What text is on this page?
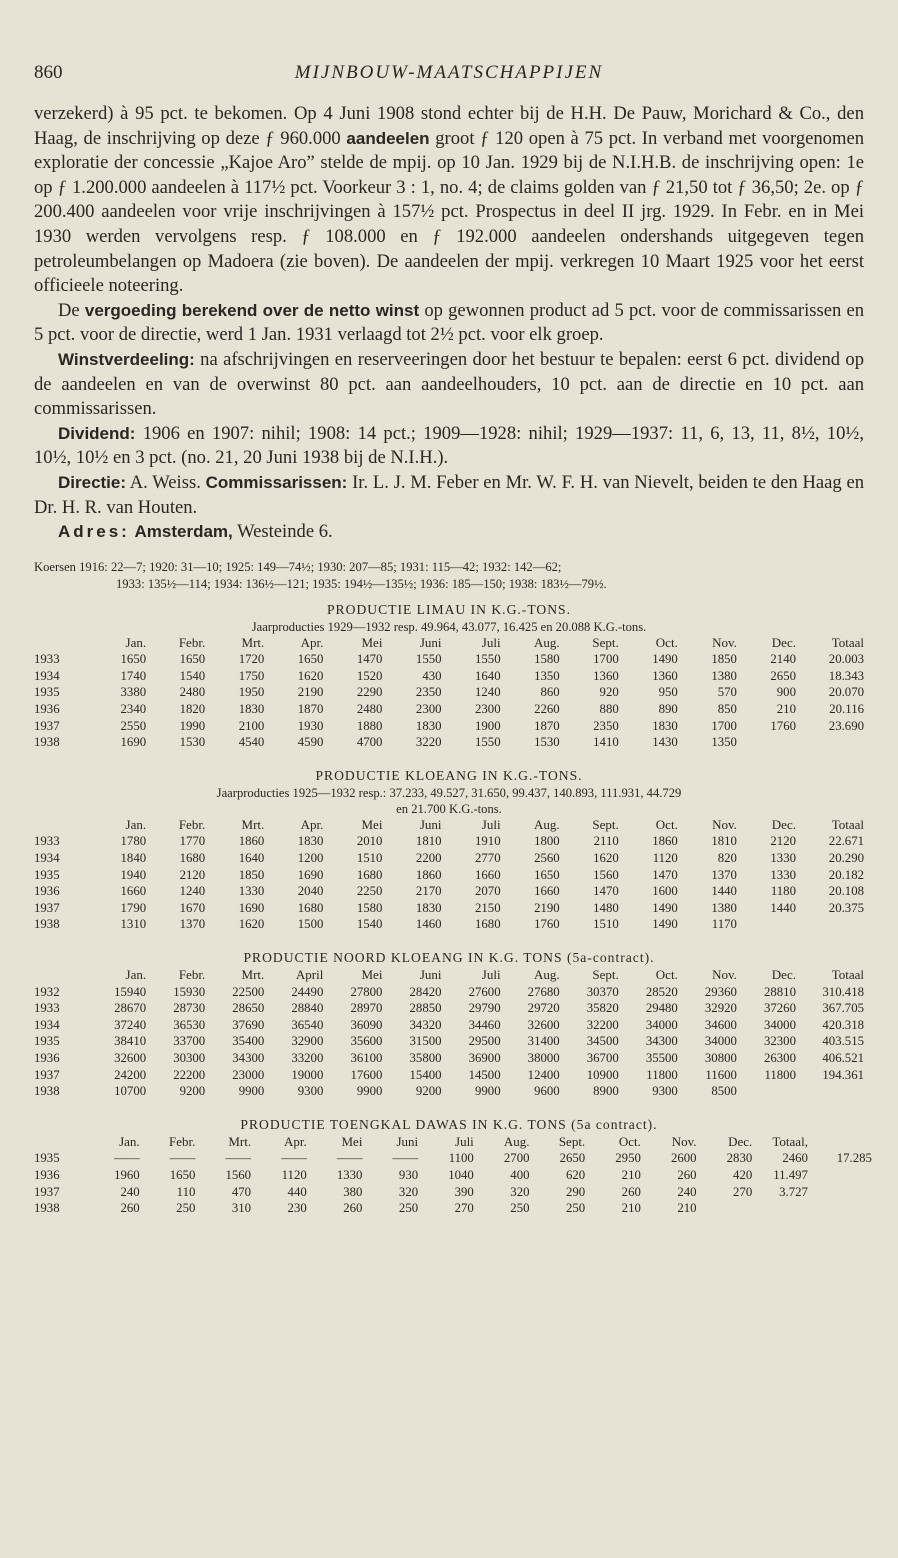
860	MIJNBOUW-MAATSCHAPPIJEN

verzekerd) à 95 pct. te bekomen. Op 4 Juni 1908 stond echter bij de H.H. De Pauw, Morichard & Co., den Haag, de inschrijving op deze ƒ 960.000 aandeelen groot ƒ 120 open à 75 pct. In verband met voorgenomen exploratie der concessie „Kajoe Aro” stelde de mpij. op 10 Jan. 1929 bij de N.I.H.B. de inschrijving open: 1e op ƒ 1.200.000 aandeelen à 117½ pct. Voorkeur 3 : 1, no. 4; de claims golden van ƒ 21,50 tot ƒ 36,50; 2e. op ƒ 200.400 aandeelen voor vrije inschrijvingen à 157½ pct. Prospectus in deel II jrg. 1929. In Febr. en in Mei 1930 werden vervolgens resp. ƒ 108.000 en ƒ 192.000 aandeelen ondershands uitgegeven tegen petroleumbelangen op Madoera (zie boven). De aandeelen der mpij. verkregen 10 Maart 1925 voor het eerst officieele noteering.

De vergoeding berekend over de netto winst op gewonnen product ad 5 pct. voor de commissarissen en 5 pct. voor de directie, werd 1 Jan. 1931 verlaagd tot 2½ pct. voor elk groep.

Winstverdeeling: na afschrijvingen en reserveeringen door het bestuur te bepalen: eerst 6 pct. dividend op de aandeelen en van de overwinst 80 pct. aan aandeelhouders, 10 pct. aan de directie en 10 pct. aan commissarissen.

Dividend: 1906 en 1907: nihil; 1908: 14 pct.; 1909—1928: nihil; 1929—1937: 11, 6, 13, 11, 8½, 10½, 10½, 10½ en 3 pct. (no. 21, 20 Juni 1938 bij de N.I.H.).

Directie: A. Weiss. Commissarissen: Ir. L. J. M. Feber en Mr. W. F. H. van Nievelt, beiden te den Haag en Dr. H. R. van Houten.

Adres: Amsterdam, Westeinde 6.

Koersen 1916: 22—7; 1920: 31—10; 1925: 149—74½; 1930: 207—85; 1931: 115—42; 1932: 142—62;
1933: 135½—114; 1934: 136½—121; 1935: 194½—135½; 1936: 185—150; 1938: 183½—79½.
PRODUCTIE LIMAU IN K.G.-TONS.
Jaarproducties 1929—1932 resp. 49.964, 43.077, 16.425 en 20.088 K.G.-tons.
	Jan.	Febr.	Mrt.	Apr.	Mei	Juni	Juli	Aug.	Sept.	Oct.	Nov.	Dec.	Totaal
1933	1650	1650	1720	1650	1470	1550	1550	1580	1700	1490	1850	2140	20.003
1934	1740	1540	1750	1620	1520	430	1640	1350	1360	1360	1380	2650	18.343
1935	3380	2480	1950	2190	2290	2350	1240	860	920	950	570	900	20.070
1936	2340	1820	1830	1870	2480	2300	2300	2260	880	890	850	210	20.116
1937	2550	1990	2100	1930	1880	1830	1900	1870	2350	1830	1700	1760	23.690
1938	1690	1530	4540	4590	4700	3220	1550	1530	1410	1430	1350		
PRODUCTIE KLOEANG IN K.G.-TONS.
Jaarproducties 1925—1932 resp.: 37.233, 49.527, 31.650, 99.437, 140.893, 111.931, 44.729
en 21.700 K.G.-tons.
	Jan.	Febr.	Mrt.	Apr.	Mei	Juni	Juli	Aug.	Sept.	Oct.	Nov.	Dec.	Totaal
1933	1780	1770	1860	1830	2010	1810	1910	1800	2110	1860	1810	2120	22.671
1934	1840	1680	1640	1200	1510	2200	2770	2560	1620	1120	820	1330	20.290
1935	1940	2120	1850	1690	1680	1860	1660	1650	1560	1470	1370	1330	20.182
1936	1660	1240	1330	2040	2250	2170	2070	1660	1470	1600	1440	1180	20.108
1937	1790	1670	1690	1680	1580	1830	2150	2190	1480	1490	1380	1440	20.375
1938	1310	1370	1620	1500	1540	1460	1680	1760	1510	1490	1170		
PRODUCTIE NOORD KLOEANG IN K.G. TONS (5a-contract).
	Jan.	Febr.	Mrt.	April	Mei	Juni	Juli	Aug.	Sept.	Oct.	Nov.	Dec.	Totaal
1932	15940	15930	22500	24490	27800	28420	27600	27680	30370	28520	29360	28810	310.418
1933	28670	28730	28650	28840	28970	28850	29790	29720	35820	29480	32920	37260	367.705
1934	37240	36530	37690	36540	36090	34320	34460	32600	32200	34000	34600	34000	420.318
1935	38410	33700	35400	32900	35600	31500	29500	31400	34500	34300	34000	32300	403.515
1936	32600	30300	34300	33200	36100	35800	36900	38000	36700	35500	30800	26300	406.521
1937	24200	22200	23000	19000	17600	15400	14500	12400	10900	11800	11600	11800	194.361
1938	10700	9200	9900	9300	9900	9200	9900	9600	8900	9300	8500		
PRODUCTIE TOENGKAL DAWAS IN K.G. TONS (5a contract).
	Jan.	Febr.	Mrt.	Apr.	Mei	Juni	Juli	Aug.	Sept.	Oct.	Nov.	Dec.	Totaal,	
1935	——	——	——	——	——	——	1100	2700	2650	2950	2600	2830	2460	17.285
1936	1960	1650	1560	1120	1330	930	1040	400	620	210	260	420	11.497	
1937	240	110	470	440	380	320	390	320	290	260	240	270	3.727	
1938	260	250	310	230	260	250	270	250	250	210	210			
